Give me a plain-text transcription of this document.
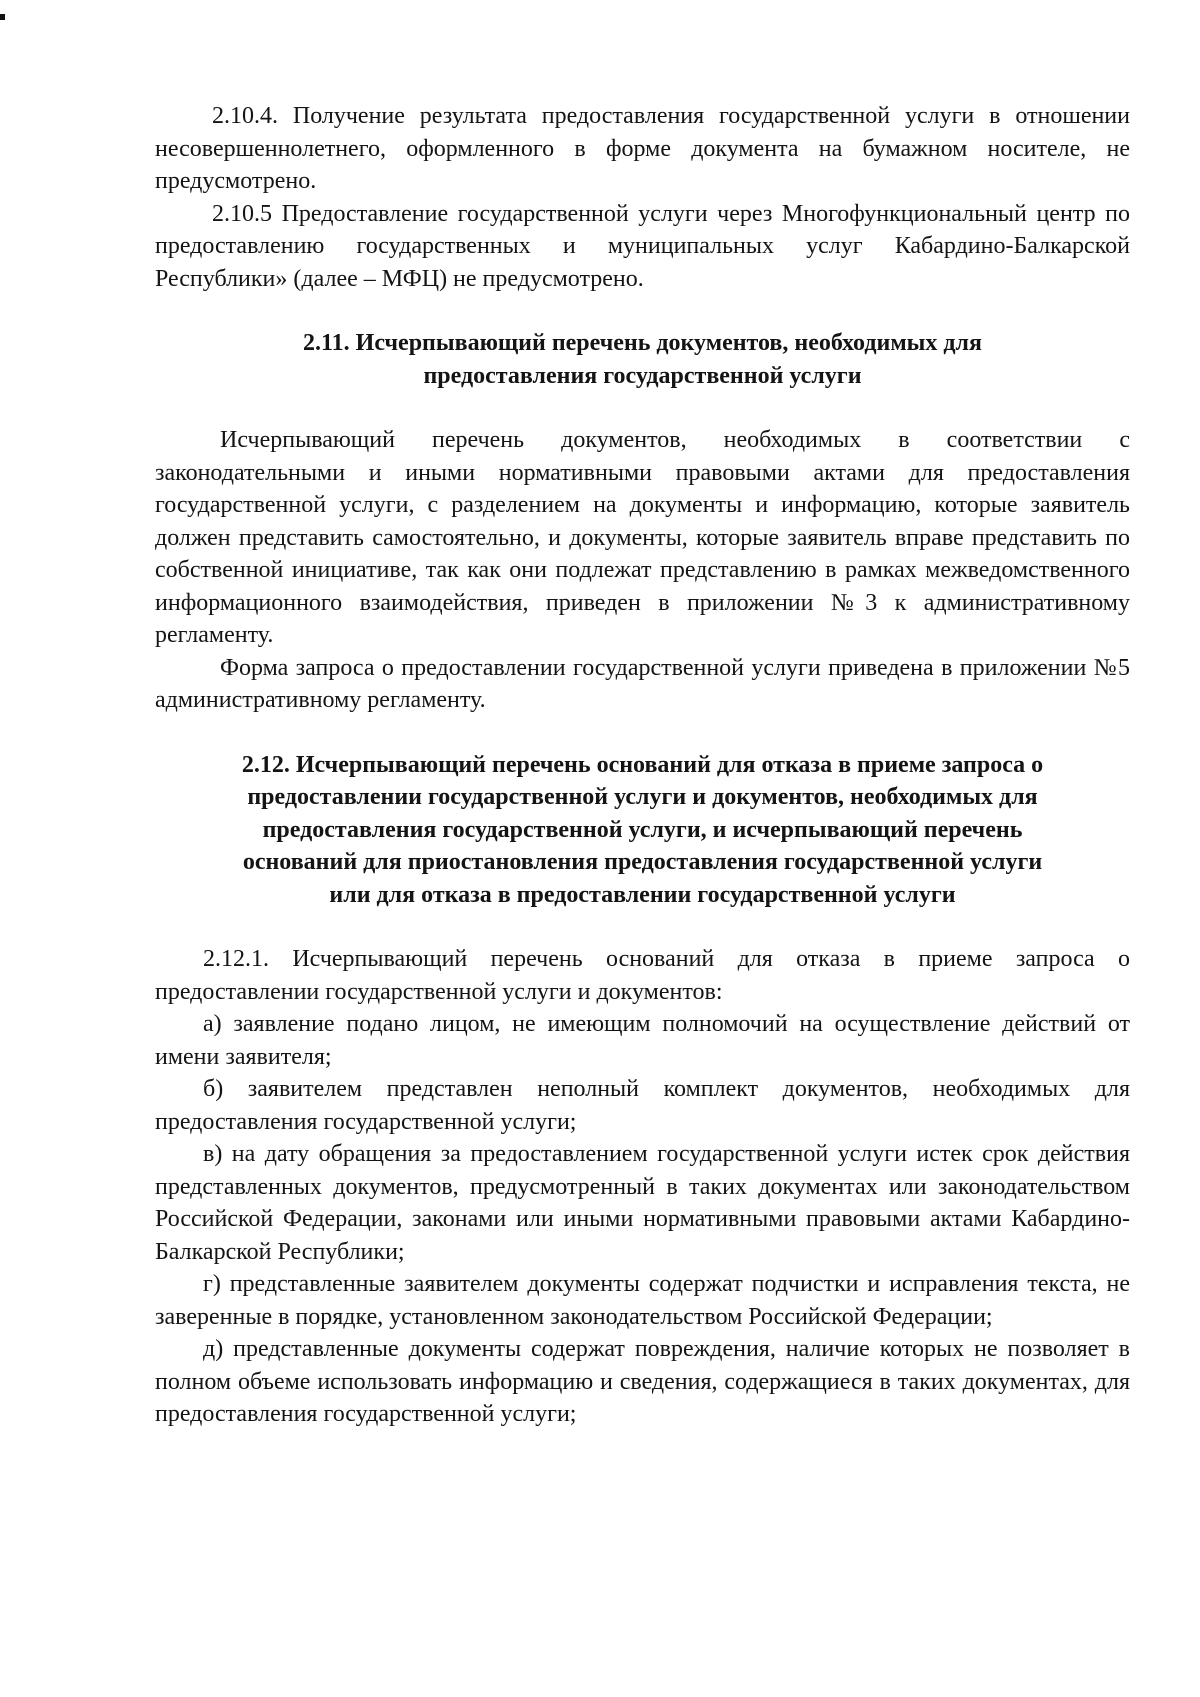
2.10.4. Получение результата предоставления государственной услуги в отношении несовершеннолетнего, оформленного в форме документа на бумажном носителе, не предусмотрено.

2.10.5 Предоставление государственной услуги через Многофункциональный центр по предоставлению государственных и муниципальных услуг Кабардино-Балкарской Республики» (далее – МФЦ) не предусмотрено.

2.11. Исчерпывающий перечень документов, необходимых для
предоставления государственной услуги

Исчерпывающий перечень документов, необходимых в соответствии с законодательными и иными нормативными правовыми актами для предоставления государственной услуги, с разделением на документы и информацию, которые заявитель должен представить самостоятельно, и документы, которые заявитель вправе представить по собственной инициативе, так как они подлежат представлению в рамках межведомственного информационного взаимодействия, приведен в приложении №3 к административному регламенту.

Форма запроса о предоставлении государственной услуги приведена в приложении №5 административному регламенту.

2.12. Исчерпывающий перечень оснований для отказа в приеме запроса о
предоставлении государственной услуги и документов, необходимых для
предоставления государственной услуги, и исчерпывающий перечень
оснований для приостановления предоставления государственной услуги
или для отказа в предоставлении государственной услуги

2.12.1. Исчерпывающий перечень оснований для отказа в приеме запроса о предоставлении государственной услуги и документов:

а) заявление подано лицом, не имеющим полномочий на осуществление действий от имени заявителя;

б) заявителем представлен неполный комплект документов, необходимых для предоставления государственной услуги;

в) на дату обращения за предоставлением государственной услуги истек срок действия представленных документов, предусмотренный в таких документах или законодательством Российской Федерации, законами или иными нормативными правовыми актами Кабардино-Балкарской Республики;

г) представленные заявителем документы содержат подчистки и исправления текста, не заверенные в порядке, установленном законодательством Российской Федерации;

д) представленные документы содержат повреждения, наличие которых не позволяет в полном объеме использовать информацию и сведения, содержащиеся в таких документах, для предоставления государственной услуги;
